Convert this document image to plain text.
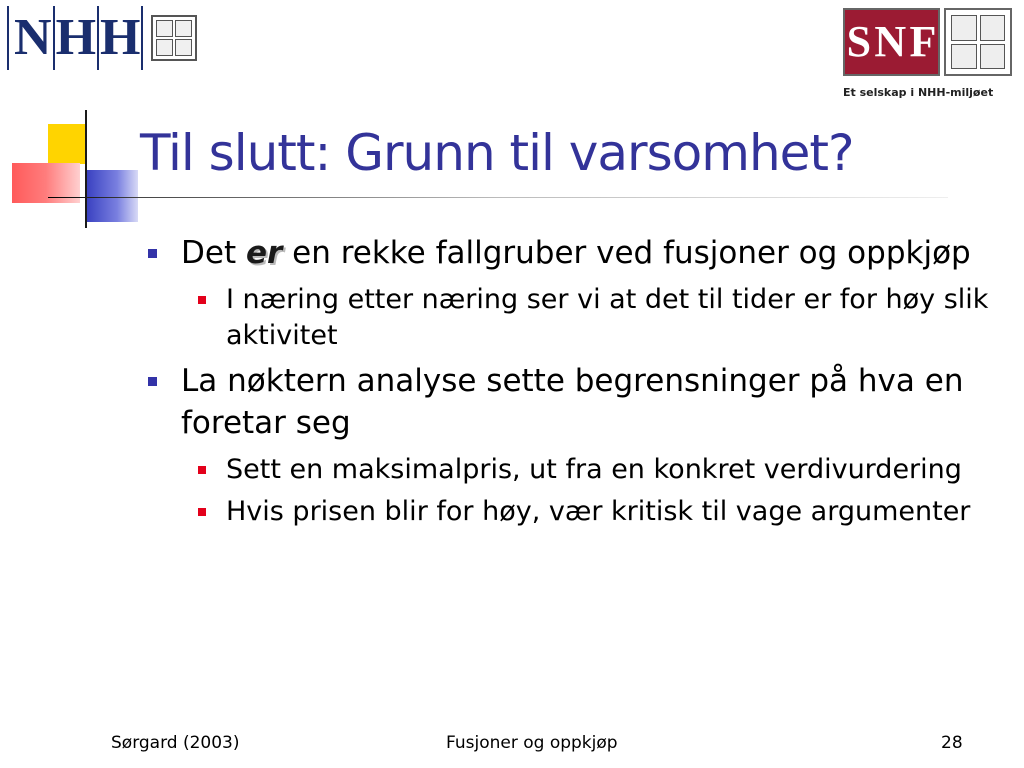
NHH	S N F
Et selskap i NHH-miljøet
Til slutt: Grunn til varsomhet?
Det er en rekke fallgruber ved fusjoner og oppkjøp
I næring etter næring ser vi at det til tider er for høy slik aktivitet
La nøktern analyse sette begrensninger på hva en foretar seg
Sett en maksimalpris, ut fra en konkret verdivurdering
Hvis prisen blir for høy, vær kritisk til vage argumenter
Sørgard (2003)	Fusjoner og oppkjøp	28
